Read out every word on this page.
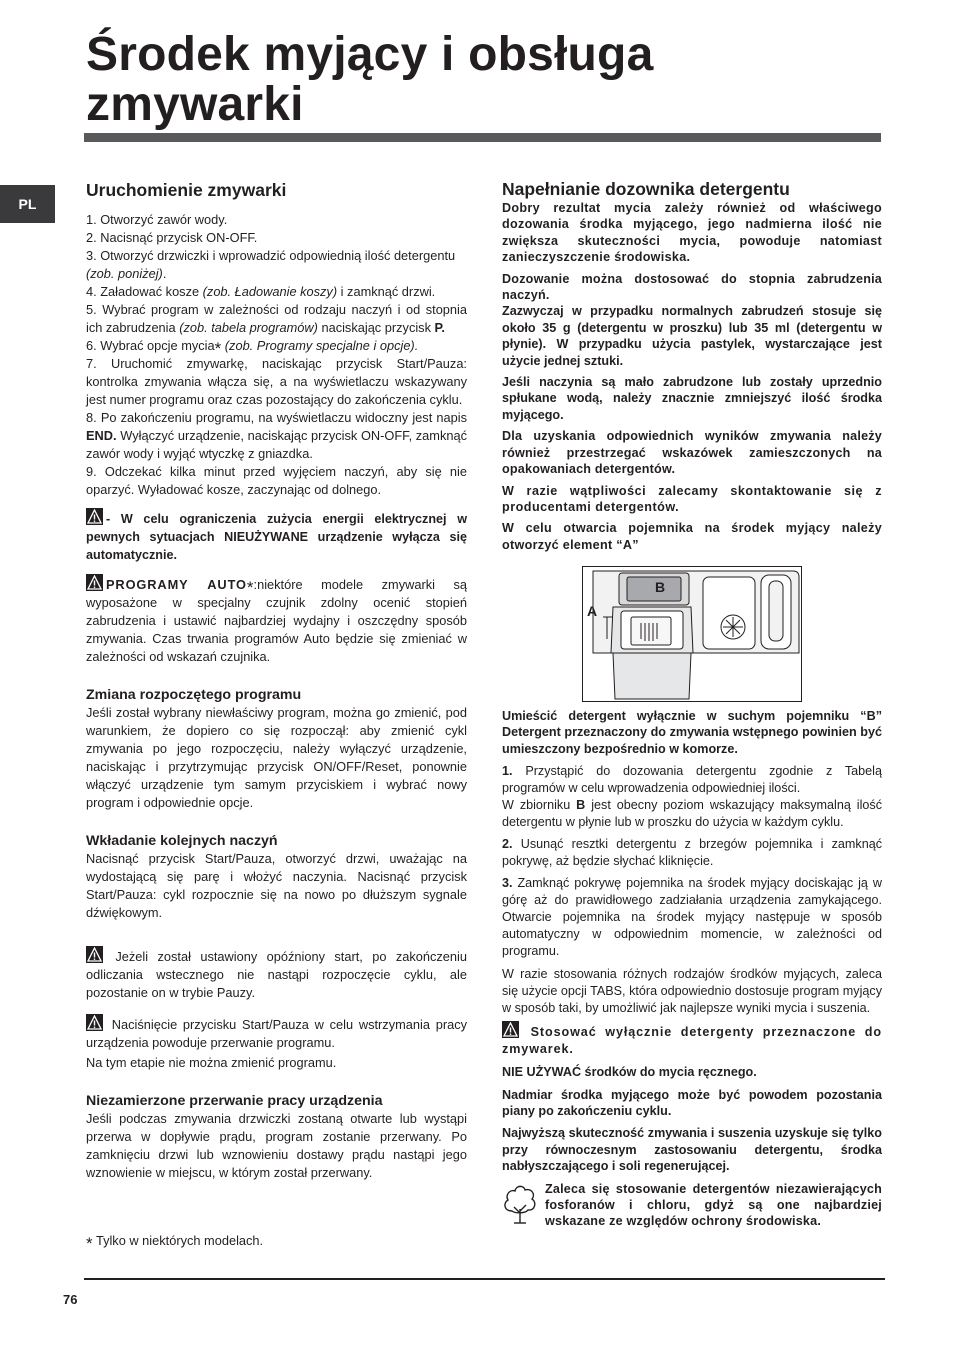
Środek myjący i obsługa
zmywarki
PL
Uruchomienie zmywarki

1. Otworzyć zawór wody.

2. Nacisnąć przycisk ON-OFF.

3. Otworzyć drzwiczki i wprowadzić odpowiednią ilość detergentu
(zob. poniżej).

4. Załadować kosze (zob. Ładowanie koszy) i zamknąć drzwi.

5. Wybrać program w zależności od rodzaju naczyń i od stopnia ich zabrudzenia (zob. tabela programów) naciskając przycisk P.

6. Wybrać opcje mycia* (zob. Programy specjalne i opcje).

7. Uruchomić zmywarkę, naciskając przycisk Start/Pauza: kontrolka zmywania włącza się, a na wyświetlaczu wskazywany jest numer programu oraz czas pozostający do zakończenia cyklu.

8. Po zakończeniu programu, na wyświetlaczu widoczny jest napis END. Wyłączyć urządzenie, naciskając przycisk ON-OFF, zamknąć zawór wody i wyjąć wtyczkę z gniazdka.

9. Odczekać kilka minut przed wyjęciem naczyń, aby się nie oparzyć. Wyładować kosze, zaczynając od dolnego.

- W celu ograniczenia zużycia energii elektrycznej w pewnych sytuacjach NIEUŻYWANE urządzenie wyłącza się automatycznie.

PROGRAMY AUTO*:niektóre modele zmywarki są wyposażone w specjalny czujnik zdolny ocenić stopień zabrudzenia i ustawić najbardziej wydajny i oszczędny sposób zmywania. Czas trwania programów Auto będzie się zmieniać w zależności od wskazań czujnika.

Zmiana rozpoczętego programu

Jeśli został wybrany niewłaściwy program, można go zmienić, pod warunkiem, że dopiero co się rozpoczął: aby zmienić cykl zmywania po jego rozpoczęciu, należy wyłączyć urządzenie, naciskając i przytrzymując przycisk ON/OFF/Reset, ponownie włączyć urządzenie tym samym przyciskiem i wybrać nowy program i odpowiednie opcje.

Wkładanie kolejnych naczyń

Nacisnąć przycisk Start/Pauza, otworzyć drzwi, uważając na wydostającą się parę i włożyć naczynia. Nacisnąć przycisk Start/Pauza: cykl rozpocznie się na nowo po dłuższym sygnale dźwiękowym.

Jeżeli został ustawiony opóźniony start, po zakończeniu odliczania wstecznego nie nastąpi rozpoczęcie cyklu, ale pozostanie on w trybie Pauzy.

Naciśnięcie przycisku Start/Pauza w celu wstrzymania pracy urządzenia powoduje przerwanie programu.

Na tym etapie nie można zmienić programu.

Niezamierzone przerwanie pracy urządzenia

Jeśli podczas zmywania drzwiczki zostaną otwarte lub wystąpi przerwa w dopływie prądu, program zostanie przerwany. Po zamknięciu drzwi lub wznowieniu dostawy prądu nastąpi jego wznowienie w miejscu, w którym został przerwany.

Napełnianie dozownika detergentu

Dobry rezultat mycia zależy również od właściwego dozowania środka myjącego, jego nadmierna ilość nie zwiększa skuteczności mycia, powoduje natomiast zanieczyszczenie środowiska.

Dozowanie można dostosować do stopnia zabrudzenia naczyń.

Zazwyczaj w przypadku normalnych zabrudzeń stosuje się około 35 g (detergentu w proszku) lub 35 ml (detergentu w płynie). W przypadku użycia pastylek, wystarczające jest użycie jednej sztuki.

Jeśli naczynia są mało zabrudzone lub zostały uprzednio spłukane wodą, należy znacznie zmniejszyć ilość środka myjącego.

Dla uzyskania odpowiednich wyników zmywania należy również przestrzegać wskazówek zamieszczonych na opakowaniach detergentów.

W razie wątpliwości zalecamy skontaktowanie się z producentami detergentów.

W celu otwarcia pojemnika na środek myjący należy otworzyć element “A”

A
B

Umieścić detergent wyłącznie w suchym pojemniku “B” Detergent przeznaczony do zmywania wstępnego powinien być umieszczony bezpośrednio w komorze.

1. Przystąpić do dozowania detergentu zgodnie z Tabelą programów w celu wprowadzenia odpowiedniej ilości.

W zbiorniku B jest obecny poziom wskazujący maksymalną ilość detergentu w płynie lub w proszku do użycia w każdym cyklu.

2. Usunąć resztki detergentu z brzegów pojemnika i zamknąć pokrywę, aż będzie słychać kliknięcie.

3. Zamknąć pokrywę pojemnika na środek myjący dociskając ją w górę aż do prawidłowego zadziałania urządzenia zamykającego. Otwarcie pojemnika na środek myjący następuje w sposób automatyczny w odpowiednim momencie, w zależności od programu.

W razie stosowania różnych rodzajów środków myjących, zaleca się użycie opcji TABS, która odpowiednio dostosuje program myjący w sposób taki, by umożliwić jak najlepsze wyniki mycia i suszenia.

Stosować wyłącznie detergenty przeznaczone do zmywarek.

NIE UŻYWAĆ środków do mycia ręcznego.

Nadmiar środka myjącego może być powodem pozostania piany po zakończeniu cyklu.

Najwyższą skuteczność zmywania i suszenia uzyskuje się tylko przy równoczesnym zastosowaniu detergentu, środka nabłyszczającego i soli regenerującej.

Zaleca się stosowanie detergentów niezawierających fosforanów i chloru, gdyż są one najbardziej wskazane ze względów ochrony środowiska.

* Tylko w niektórych modelach.
76
